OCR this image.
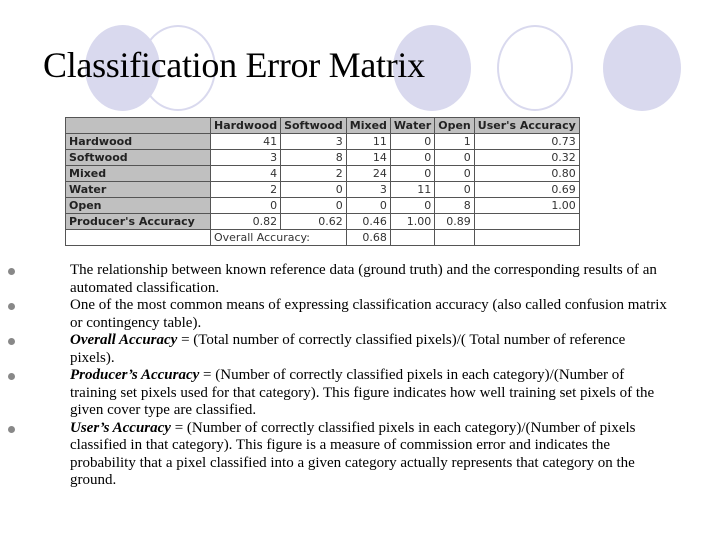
Classification Error Matrix
	Hardwood	Softwood	Mixed	Water	Open	User's Accuracy
Hardwood	41	3	11	0	1	0.73
Softwood	3	8	14	0	0	0.32
Mixed	4	2	24	0	0	0.80
Water	2	0	3	11	0	0.69
Open	0	0	0	0	8	1.00
Producer's Accuracy	0.82	0.62	0.46	1.00	0.89	
	Overall Accuracy:		0.68			
The relationship between known reference data (ground truth) and the corresponding results of an automated classification.
One of the most common means of expressing classification accuracy (also called confusion matrix or contingency table).
Overall Accuracy = (Total number of correctly classified pixels)/( Total number of reference pixels).
Producer’s Accuracy = (Number of correctly classified pixels in each category)/(Number of training set pixels used for that category). This figure indicates how well training set pixels of the given cover type are classified.
User’s Accuracy = (Number of correctly classified pixels in each category)/(Number of pixels classified in that category). This figure is a measure of commission error and indicates the probability that a pixel classified into a given category actually represents that category on the ground.
